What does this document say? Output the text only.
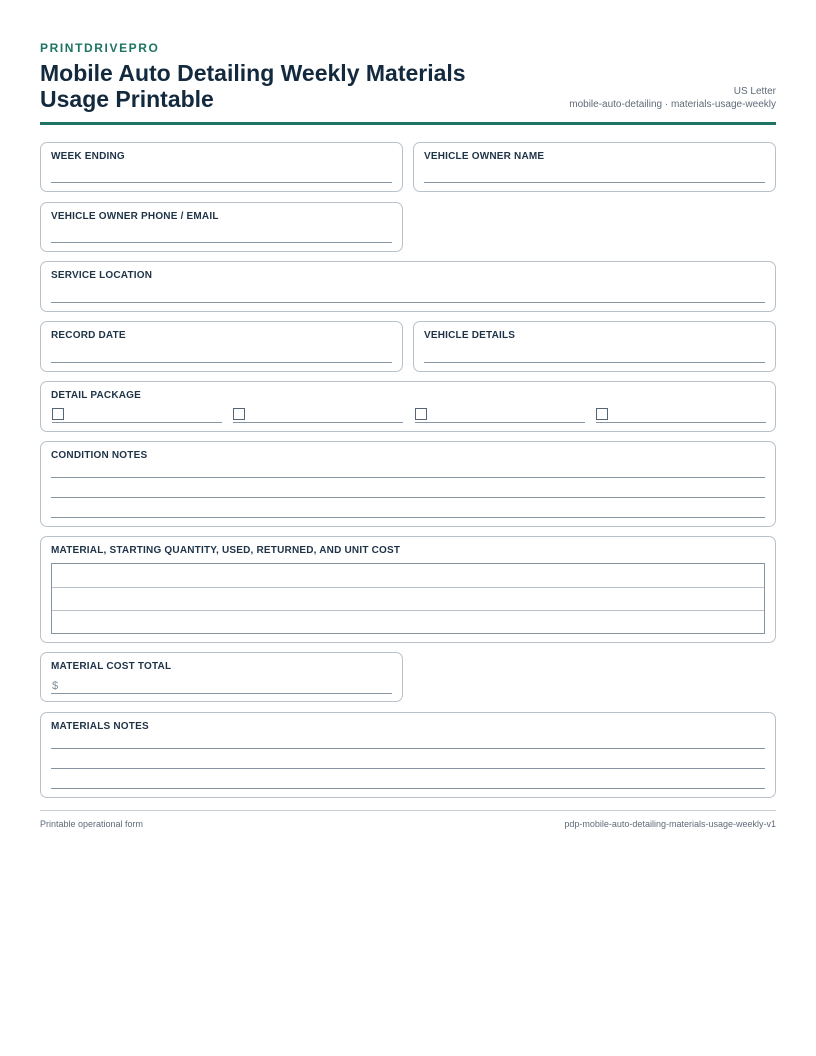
PRINTDRIVEPRO
Mobile Auto Detailing Weekly Materials Usage Printable	US Letter
mobile-auto-detailing · materials-usage-weekly
WEEK ENDING	VEHICLE OWNER NAME
VEHICLE OWNER PHONE / EMAIL
SERVICE LOCATION
RECORD DATE	VEHICLE DETAILS
DETAIL PACKAGE
CONDITION NOTES
MATERIAL, STARTING QUANTITY, USED, RETURNED, AND UNIT COST
MATERIAL COST TOTAL
$
MATERIALS NOTES
Printable operational form	pdp-mobile-auto-detailing-materials-usage-weekly-v1
